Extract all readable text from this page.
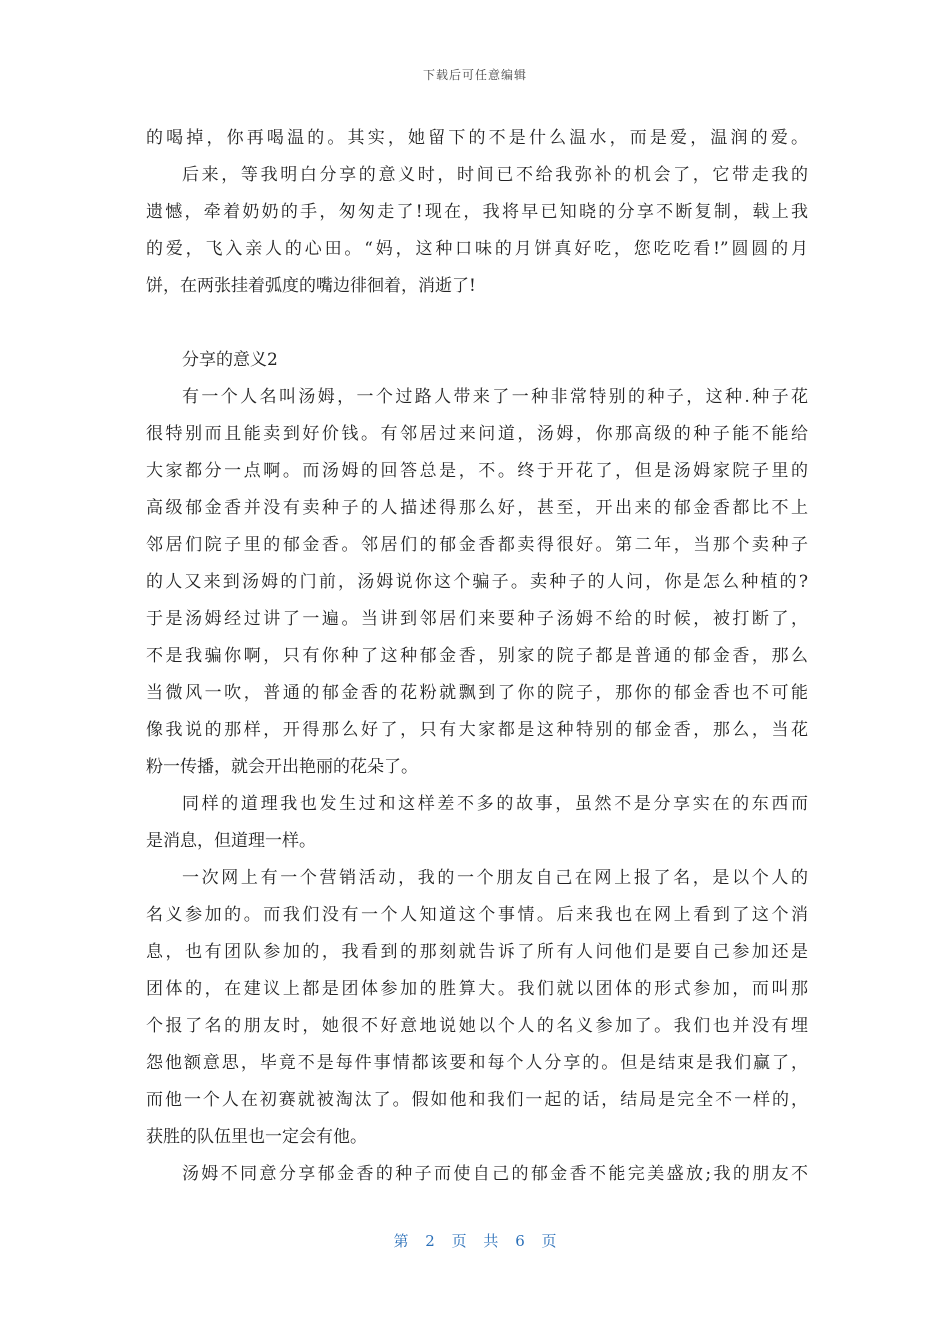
下载后可任意编辑
的喝掉，你再喝温的。其实，她留下的不是什么温水，而是爱，温润的爱。
后来，等我明白分享的意义时，时间已不给我弥补的机会了，它带走我的
遗憾，牵着奶奶的手，匆匆走了!现在，我将早已知晓的分享不断复制，载上我
的爱，飞入亲人的心田。“妈，这种口味的月饼真好吃，您吃吃看!”圆圆的月
饼，在两张挂着弧度的嘴边徘徊着，消逝了!
分享的意义2
有一个人名叫汤姆，一个过路人带来了一种非常特别的种子，这种.种子花
很特别而且能卖到好价钱。有邻居过来问道，汤姆，你那高级的种子能不能给
大家都分一点啊。而汤姆的回答总是，不。终于开花了，但是汤姆家院子里的
高级郁金香并没有卖种子的人描述得那么好，甚至，开出来的郁金香都比不上
邻居们院子里的郁金香。邻居们的郁金香都卖得很好。第二年，当那个卖种子
的人又来到汤姆的门前，汤姆说你这个骗子。卖种子的人问，你是怎么种植的?
于是汤姆经过讲了一遍。当讲到邻居们来要种子汤姆不给的时候，被打断了，
不是我骗你啊，只有你种了这种郁金香，别家的院子都是普通的郁金香，那么
当微风一吹，普通的郁金香的花粉就飘到了你的院子，那你的郁金香也不可能
像我说的那样，开得那么好了，只有大家都是这种特别的郁金香，那么，当花
粉一传播，就会开出艳丽的花朵了。
同样的道理我也发生过和这样差不多的故事，虽然不是分享实在的东西而
是消息，但道理一样。
一次网上有一个营销活动，我的一个朋友自己在网上报了名，是以个人的
名义参加的。而我们没有一个人知道这个事情。后来我也在网上看到了这个消
息，也有团队参加的，我看到的那刻就告诉了所有人问他们是要自己参加还是
团体的，在建议上都是团体参加的胜算大。我们就以团体的形式参加，而叫那
个报了名的朋友时，她很不好意地说她以个人的名义参加了。我们也并没有埋
怨他额意思，毕竟不是每件事情都该要和每个人分享的。但是结束是我们赢了，
而他一个人在初赛就被淘汰了。假如他和我们一起的话，结局是完全不一样的，
获胜的队伍里也一定会有他。
汤姆不同意分享郁金香的种子而使自己的郁金香不能完美盛放;我的朋友不
第 2 页 共 6 页
